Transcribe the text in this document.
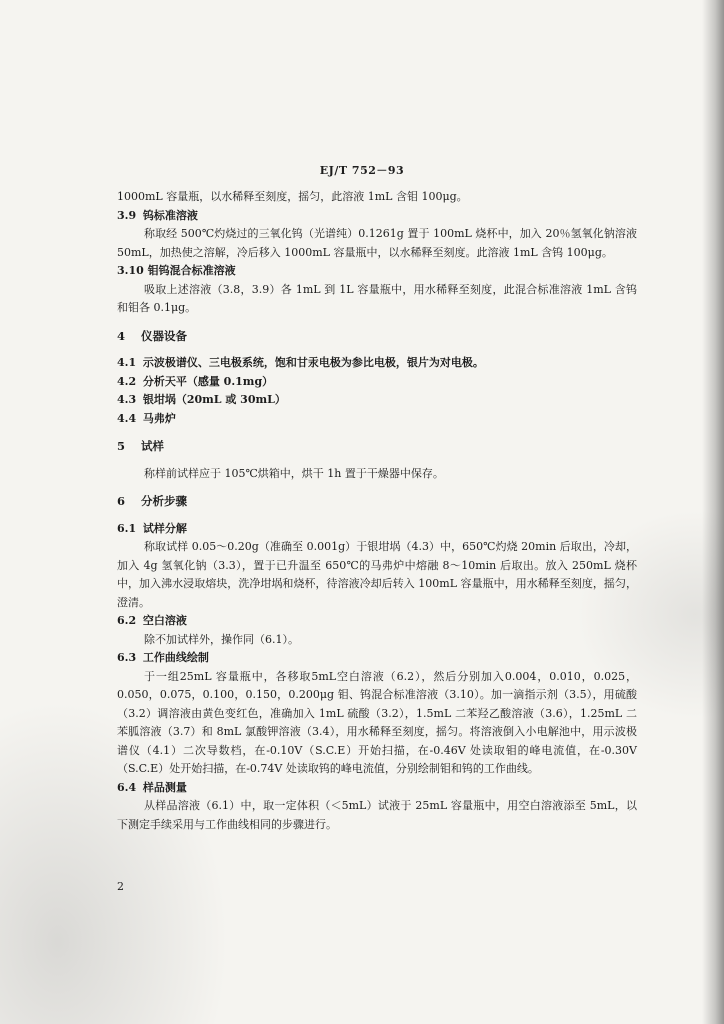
EJ/T 752－93

1000mL 容量瓶，以水稀释至刻度，摇匀，此溶液 1mL 含钼 100μg。

3.9 钨标准溶液

称取经 500℃灼烧过的三氧化钨（光谱纯）0.1261g 置于 100mL 烧杯中，加入 20％氢氧化钠溶液 50mL，加热使之溶解，冷后移入 1000mL 容量瓶中，以水稀释至刻度。此溶液 1mL 含钨 100μg。

3.10 钼钨混合标准溶液

吸取上述溶液（3.8，3.9）各 1mL 到 1L 容量瓶中，用水稀释至刻度，此混合标准溶液 1mL 含钨和钼各 0.1μg。

4 仪器设备
4.1 示波极谱仪、三电极系统，饱和甘汞电极为参比电极，银片为对电极。
4.2 分析天平（感量 0.1mg）
4.3 银坩埚（20mL 或 30mL）
4.4 马弗炉
5 试样

称样前试样应于 105℃烘箱中，烘干 1h 置于干燥器中保存。

6 分析步骤
6.1 试样分解

称取试样 0.05～0.20g（准确至 0.001g）于银坩埚（4.3）中，650℃灼烧 20min 后取出，冷却，加入 4g 氢氧化钠（3.3），置于已升温至 650℃的马弗炉中熔融 8～10min 后取出。放入 250mL 烧杯中，加入沸水浸取熔块，洗净坩埚和烧杯，待溶液冷却后转入 100mL 容量瓶中，用水稀释至刻度，摇匀，澄清。

6.2 空白溶液

除不加试样外，操作同（6.1）。

6.3 工作曲线绘制

于一组25mL 容量瓶中，各移取5mL空白溶液（6.2），然后分别加入0.004，0.010，0.025，0.050，0.075，0.100，0.150，0.200μg 钼、钨混合标准溶液（3.10）。加一滴指示剂（3.5），用硫酸（3.2）调溶液由黄色变红色，准确加入 1mL 硫酸（3.2），1.5mL 二苯羟乙酸溶液（3.6），1.25mL 二苯胍溶液（3.7）和 8mL 氯酸钾溶液（3.4），用水稀释至刻度，摇匀。将溶液倒入小电解池中，用示波极谱仪（4.1）二次导数档，在-0.10V（S.C.E）开始扫描，在-0.46V 处读取钼的峰电流值，在-0.30V（S.C.E）处开始扫描，在-0.74V 处读取钨的峰电流值，分别绘制钼和钨的工作曲线。

6.4 样品测量

从样品溶液（6.1）中，取一定体积（＜5mL）试液于 25mL 容量瓶中，用空白溶液添至 5mL，以下测定手续采用与工作曲线相同的步骤进行。

2
